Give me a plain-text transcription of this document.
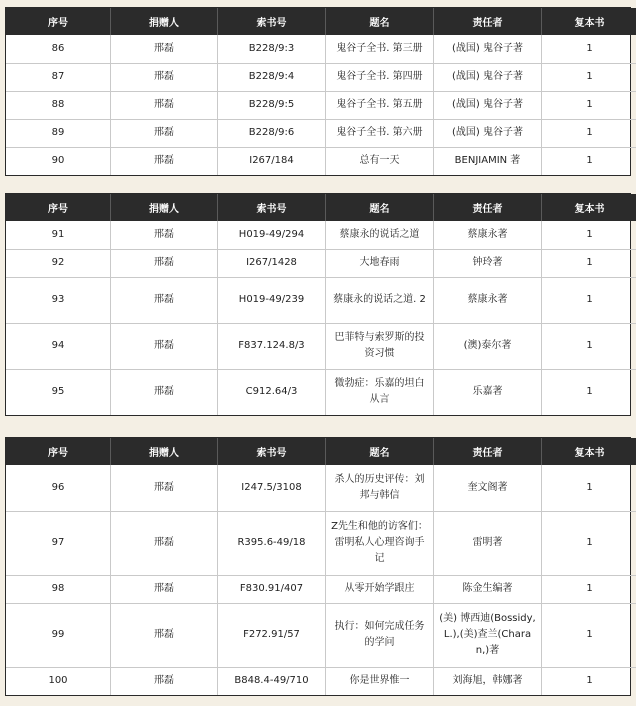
序号	捐赠人	索书号	题名	责任者	复本书
86	邢磊	B228/9:3	鬼谷子全书. 第三册	(战国) 鬼谷子著	1
87	邢磊	B228/9:4	鬼谷子全书. 第四册	(战国) 鬼谷子著	1
88	邢磊	B228/9:5	鬼谷子全书. 第五册	(战国) 鬼谷子著	1
89	邢磊	B228/9:6	鬼谷子全书. 第六册	(战国) 鬼谷子著	1
90	邢磊	I267/184	总有一天	BENJIAMIN 著	1
序号	捐赠人	索书号	题名	责任者	复本书
91	邢磊	H019-49/294	蔡康永的说话之道	蔡康永著	1
92	邢磊	I267/1428	大地春雨	钟玲著	1
93	邢磊	H019-49/239	蔡康永的说话之道. 2	蔡康永著	1
94	邢磊	F837.124.8/3	巴菲特与索罗斯的投资习惯	(澳)泰尔著	1
95	邢磊	C912.64/3	微勃症：乐嘉的坦白从言	乐嘉著	1
序号	捐赠人	索书号	题名	责任者	复本书
96	邢磊	I247.5/3108	杀人的历史评传：刘邦与韩信	奎文阁著	1
97	邢磊	R395.6-49/18	Z先生和他的访客们：雷明私人心理咨询手记	雷明著	1
98	邢磊	F830.91/407	从零开始学跟庄	陈金生编著	1
99	邢磊	F272.91/57	执行：如何完成任务的学问	(美) 博西迪(Bossidy,L.),(美)查兰(Charan,)著	1
100	邢磊	B848.4-49/710	你是世界惟一	刘海旭，韩娜著	1
